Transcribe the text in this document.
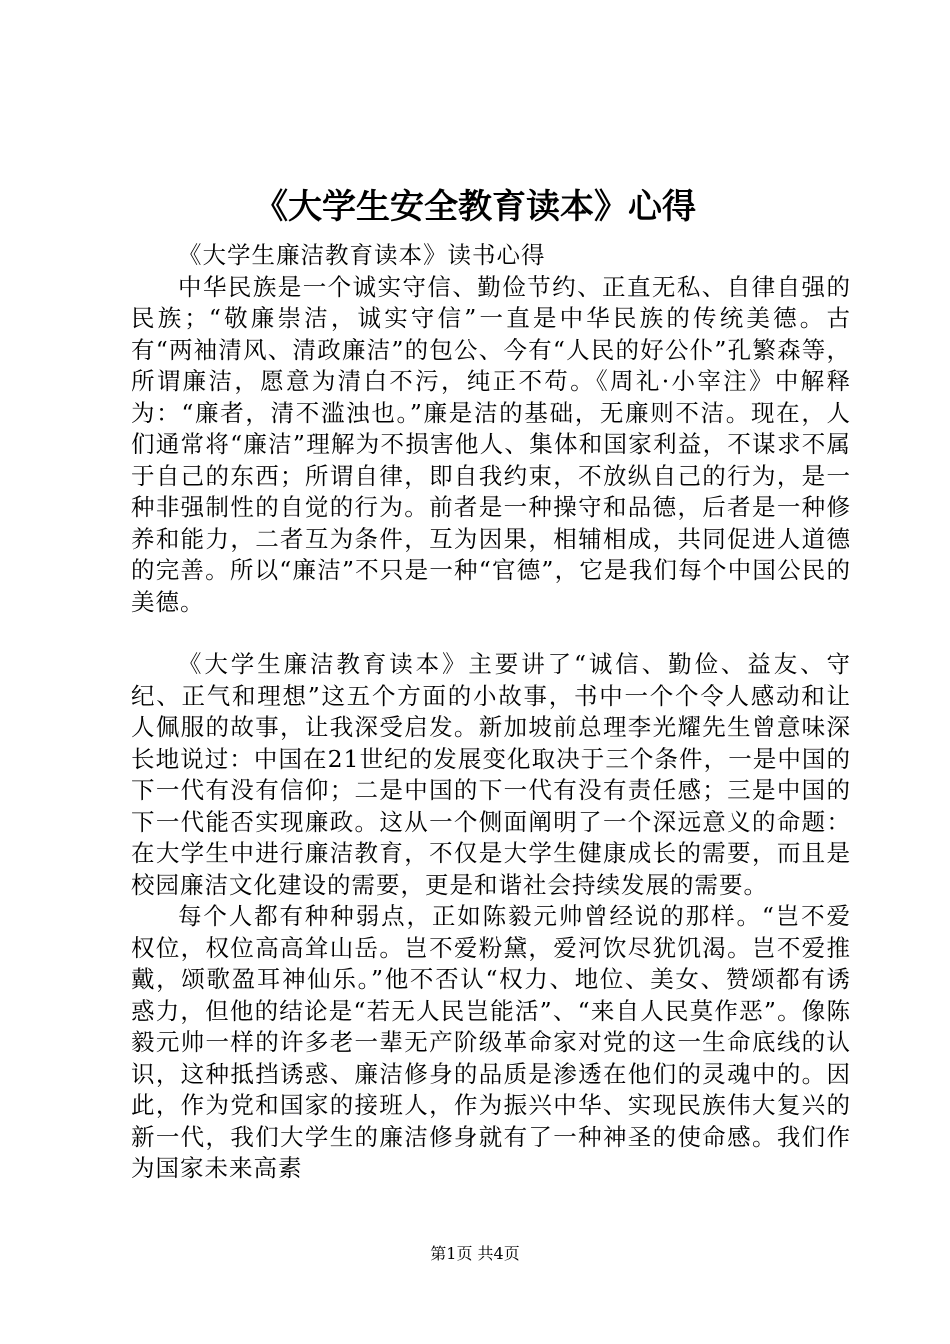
《大学生安全教育读本》心得

《大学生廉洁教育读本》读书心得

中华民族是一个诚实守信、勤俭节约、正直无私、自律自强的民族；“敬廉崇洁，诚实守信”一直是中华民族的传统美德。古有“两袖清风、清政廉洁”的包公、今有“人民的好公仆”孔繁森等，所谓廉洁，愿意为清白不污，纯正不苟。《周礼·小宰注》中解释为：“廉者，清不滥浊也。”廉是洁的基础，无廉则不洁。现在，人们通常将“廉洁”理解为不损害他人、集体和国家利益，不谋求不属于自己的东西；所谓自律，即自我约束，不放纵自己的行为，是一种非强制性的自觉的行为。前者是一种操守和品德，后者是一种修养和能力，二者互为条件，互为因果，相辅相成，共同促进人道德的完善。所以“廉洁”不只是一种“官德”，它是我们每个中国公民的美德。

《大学生廉洁教育读本》主要讲了“诚信、勤俭、益友、守纪、正气和理想”这五个方面的小故事，书中一个个令人感动和让人佩服的故事，让我深受启发。新加坡前总理李光耀先生曾意味深长地说过：中国在21世纪的发展变化取决于三个条件，一是中国的下一代有没有信仰；二是中国的下一代有没有责任感；三是中国的下一代能否实现廉政。这从一个侧面阐明了一个深远意义的命题：在大学生中进行廉洁教育，不仅是大学生健康成长的需要，而且是校园廉洁文化建设的需要，更是和谐社会持续发展的需要。

每个人都有种种弱点，正如陈毅元帅曾经说的那样。“岂不爱权位，权位高高耸山岳。岂不爱粉黛，爱河饮尽犹饥渴。岂不爱推戴，颂歌盈耳神仙乐。”他不否认“权力、地位、美女、赞颂都有诱惑力，但他的结论是“若无人民岂能活”、“来自人民莫作恶”。像陈毅元帅一样的许多老一辈无产阶级革命家对党的这一生命底线的认识，这种抵挡诱惑、廉洁修身的品质是渗透在他们的灵魂中的。因此，作为党和国家的接班人，作为振兴中华、实现民族伟大复兴的新一代，我们大学生的廉洁修身就有了一种神圣的使命感。我们作为国家未来高素

第1页 共4页
